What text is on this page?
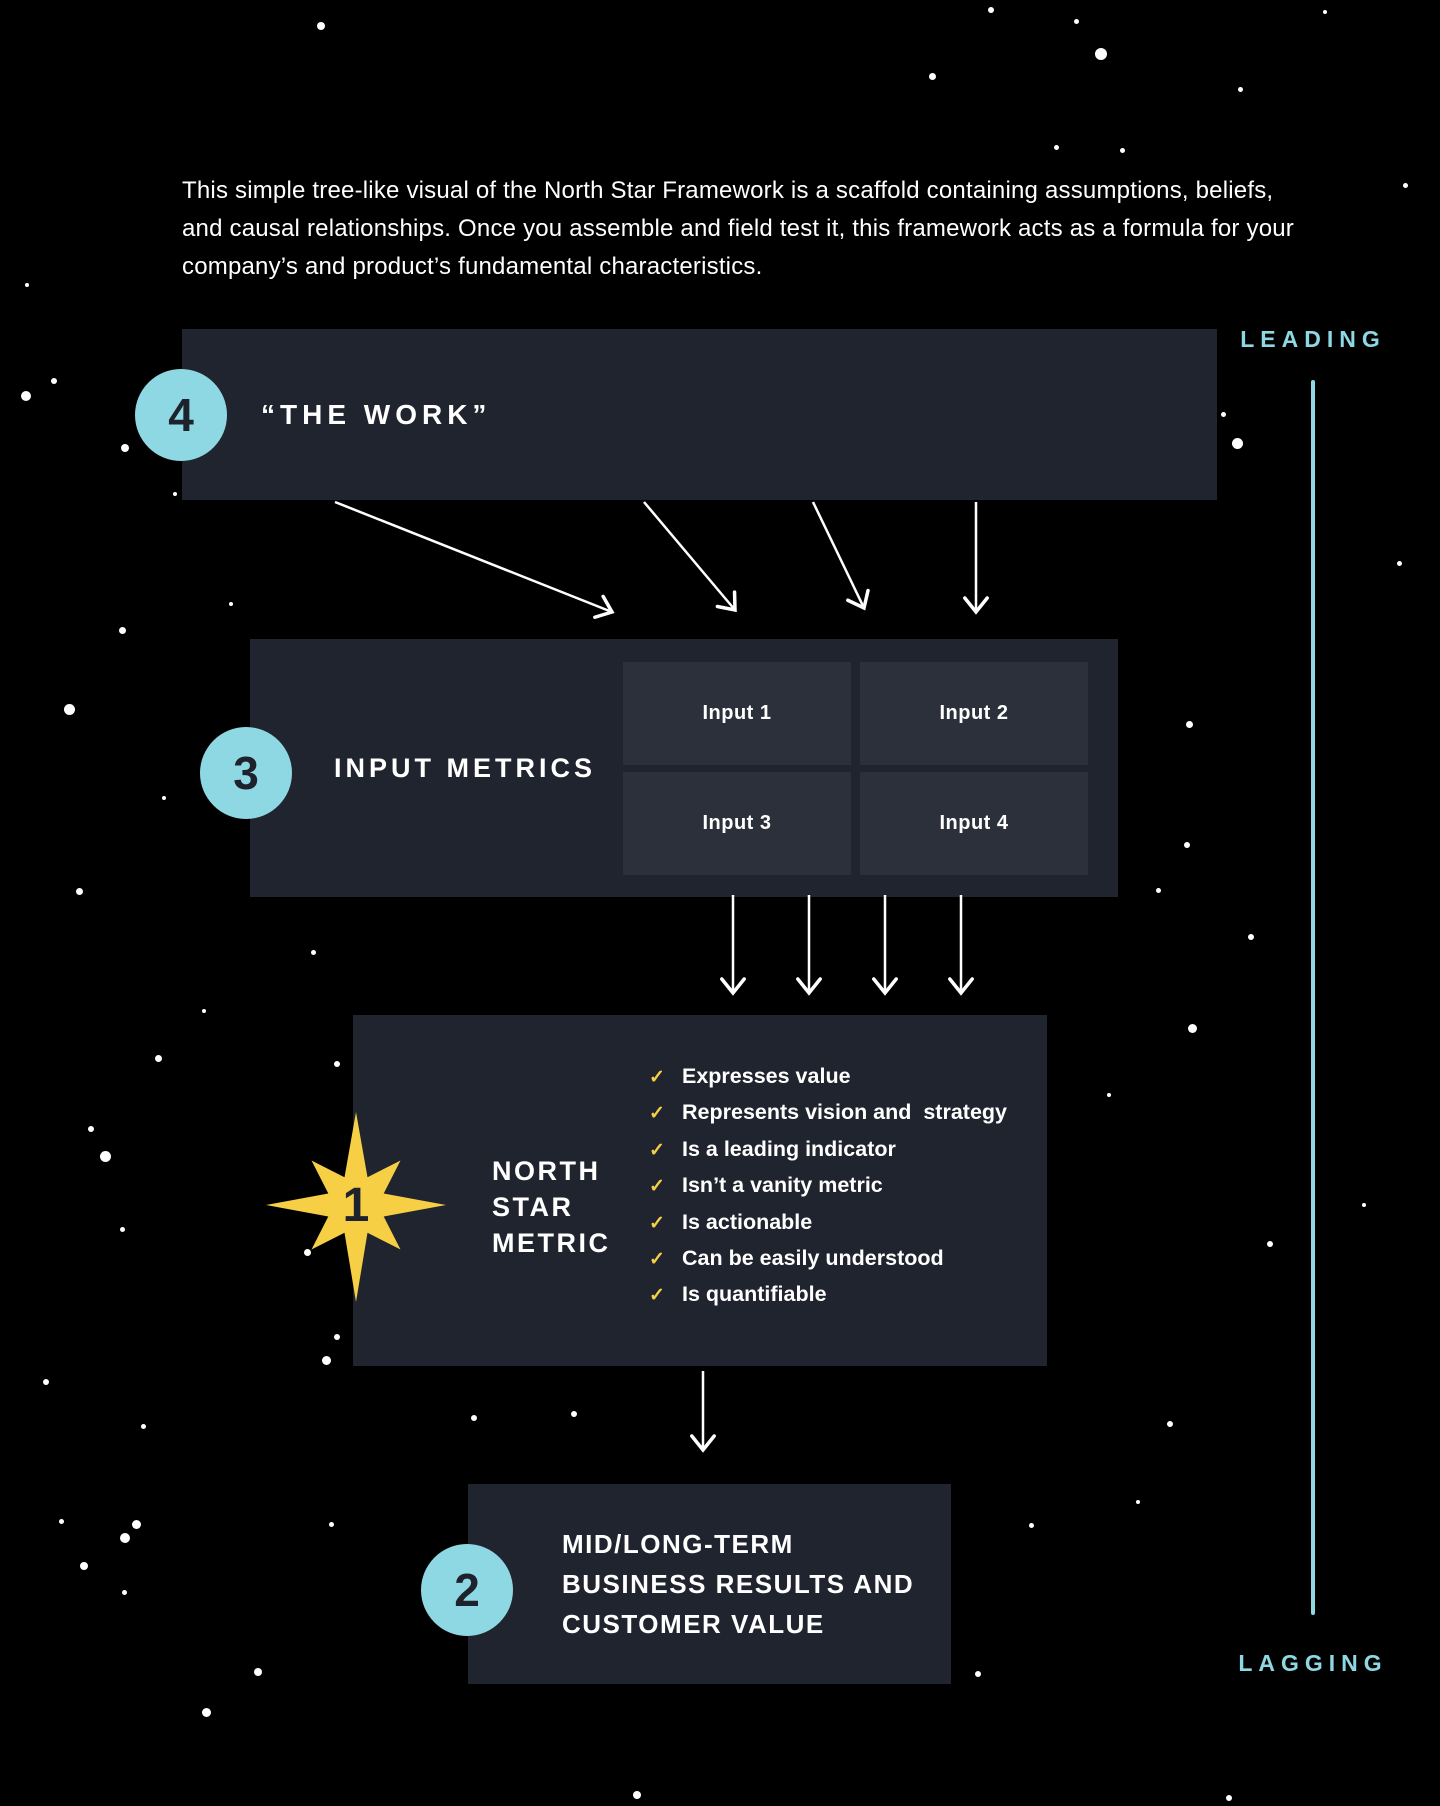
This simple tree-like visual of the North Star Framework is a scaffold containing assumptions, beliefs,
and causal relationships. Once you assemble and field test it, this framework acts as a formula for your
company’s and product’s fundamental characteristics.
LEADING
LAGGING
4	“THE WORK”
3	INPUT METRICS
Input 1	Input 2
Input 3	Input 4
1
NORTH
STAR
METRIC
✓ Expresses value
✓ Represents vision and  strategy
✓ Is a leading indicator
✓ Isn’t a vanity metric
✓ Is actionable
✓ Can be easily understood
✓ Is quantifiable
2
MID/LONG-TERM
BUSINESS RESULTS AND
CUSTOMER VALUE
